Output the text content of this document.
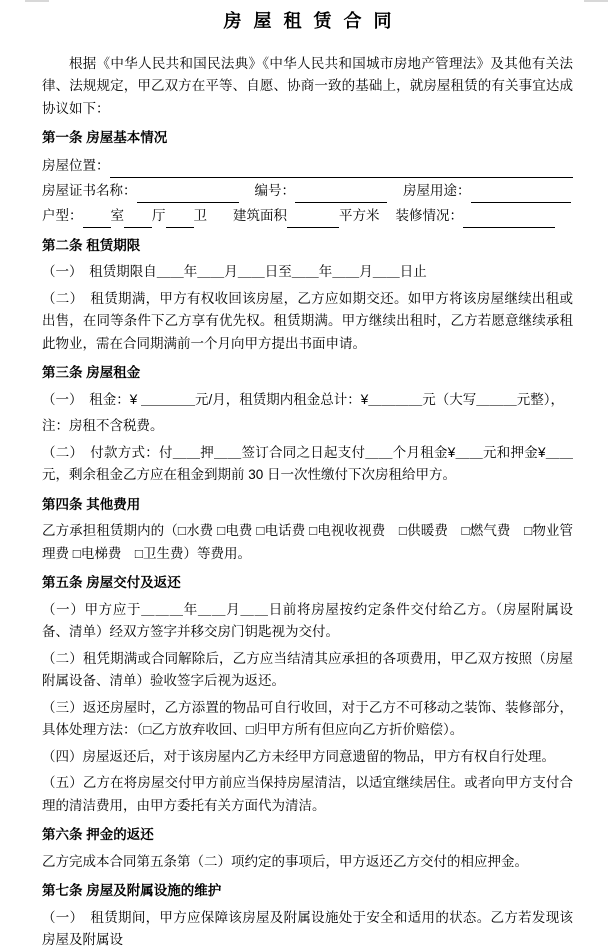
房屋租赁合同

根据《中华人民共和国民法典》《中华人民共和国城市房地产管理法》及其他有关法律、法规规定，甲乙双方在平等、自愿、协商一致的基础上，就房屋租赁的有关事宜达成协议如下：

第一条 房屋基本情况
房屋位置：
房屋证书名称：	编号：	房屋用途：
户型： 室 厅 卫 建筑面积	平方米 装修情况：
第二条 租赁期限

（一）　租赁期限自＿＿年＿＿月＿＿日至＿＿年＿＿月＿＿日止

（二）　租赁期满，甲方有权收回该房屋，乙方应如期交还。如甲方将该房屋继续出租或出售，在同等条件下乙方享有优先权。租赁期满。甲方继续出租时，乙方若愿意继续承租此物业，需在合同期满前一个月向甲方提出书面申请。

第三条 房屋租金

（一）　租金：¥ ＿＿＿＿元/月，租赁期内租金总计：¥＿＿＿＿元（大写＿＿＿元整），

注：房租不含税费。

（二）　付款方式：付＿＿押＿＿签订合同之日起支付＿＿个月租金¥＿＿元和押金¥＿＿元，剩余租金乙方应在租金到期前 30 日一次性缴付下次房租给甲方。

第四条 其他费用

乙方承担租赁期内的（□水费 □电费 □电话费 □电视收视费　□供暖费　□燃气费　□物业管理费 □电梯费　□卫生费）等费用。

第五条 房屋交付及返还

（一）甲方应于＿＿＿年＿＿月＿＿日前将房屋按约定条件交付给乙方。（房屋附属设备、清单）经双方签字并移交房门钥匙视为交付。

（二）租凭期满或合同解除后，乙方应当结清其应承担的各项费用，甲乙双方按照（房屋附属设备、清单）验收签字后视为返还。

（三）返还房屋时，乙方添置的物品可自行收回，对于乙方不可移动之装饰、装修部分，具体处理方法：（□乙方放弃收回、□归甲方所有但应向乙方折价赔偿）。

（四）房屋返还后，对于该房屋内乙方未经甲方同意遗留的物品，甲方有权自行处理。

（五）乙方在将房屋交付甲方前应当保持房屋清洁，以适宜继续居住。或者向甲方支付合理的清洁费用，由甲方委托有关方面代为清洁。

第六条 押金的返还

乙方完成本合同第五条第（二）项约定的事项后，甲方返还乙方交付的相应押金。

第七条 房屋及附属设施的维护

（一）　租赁期间，甲方应保障该房屋及附属设施处于安全和适用的状态。乙方若发现该房屋及附属设
